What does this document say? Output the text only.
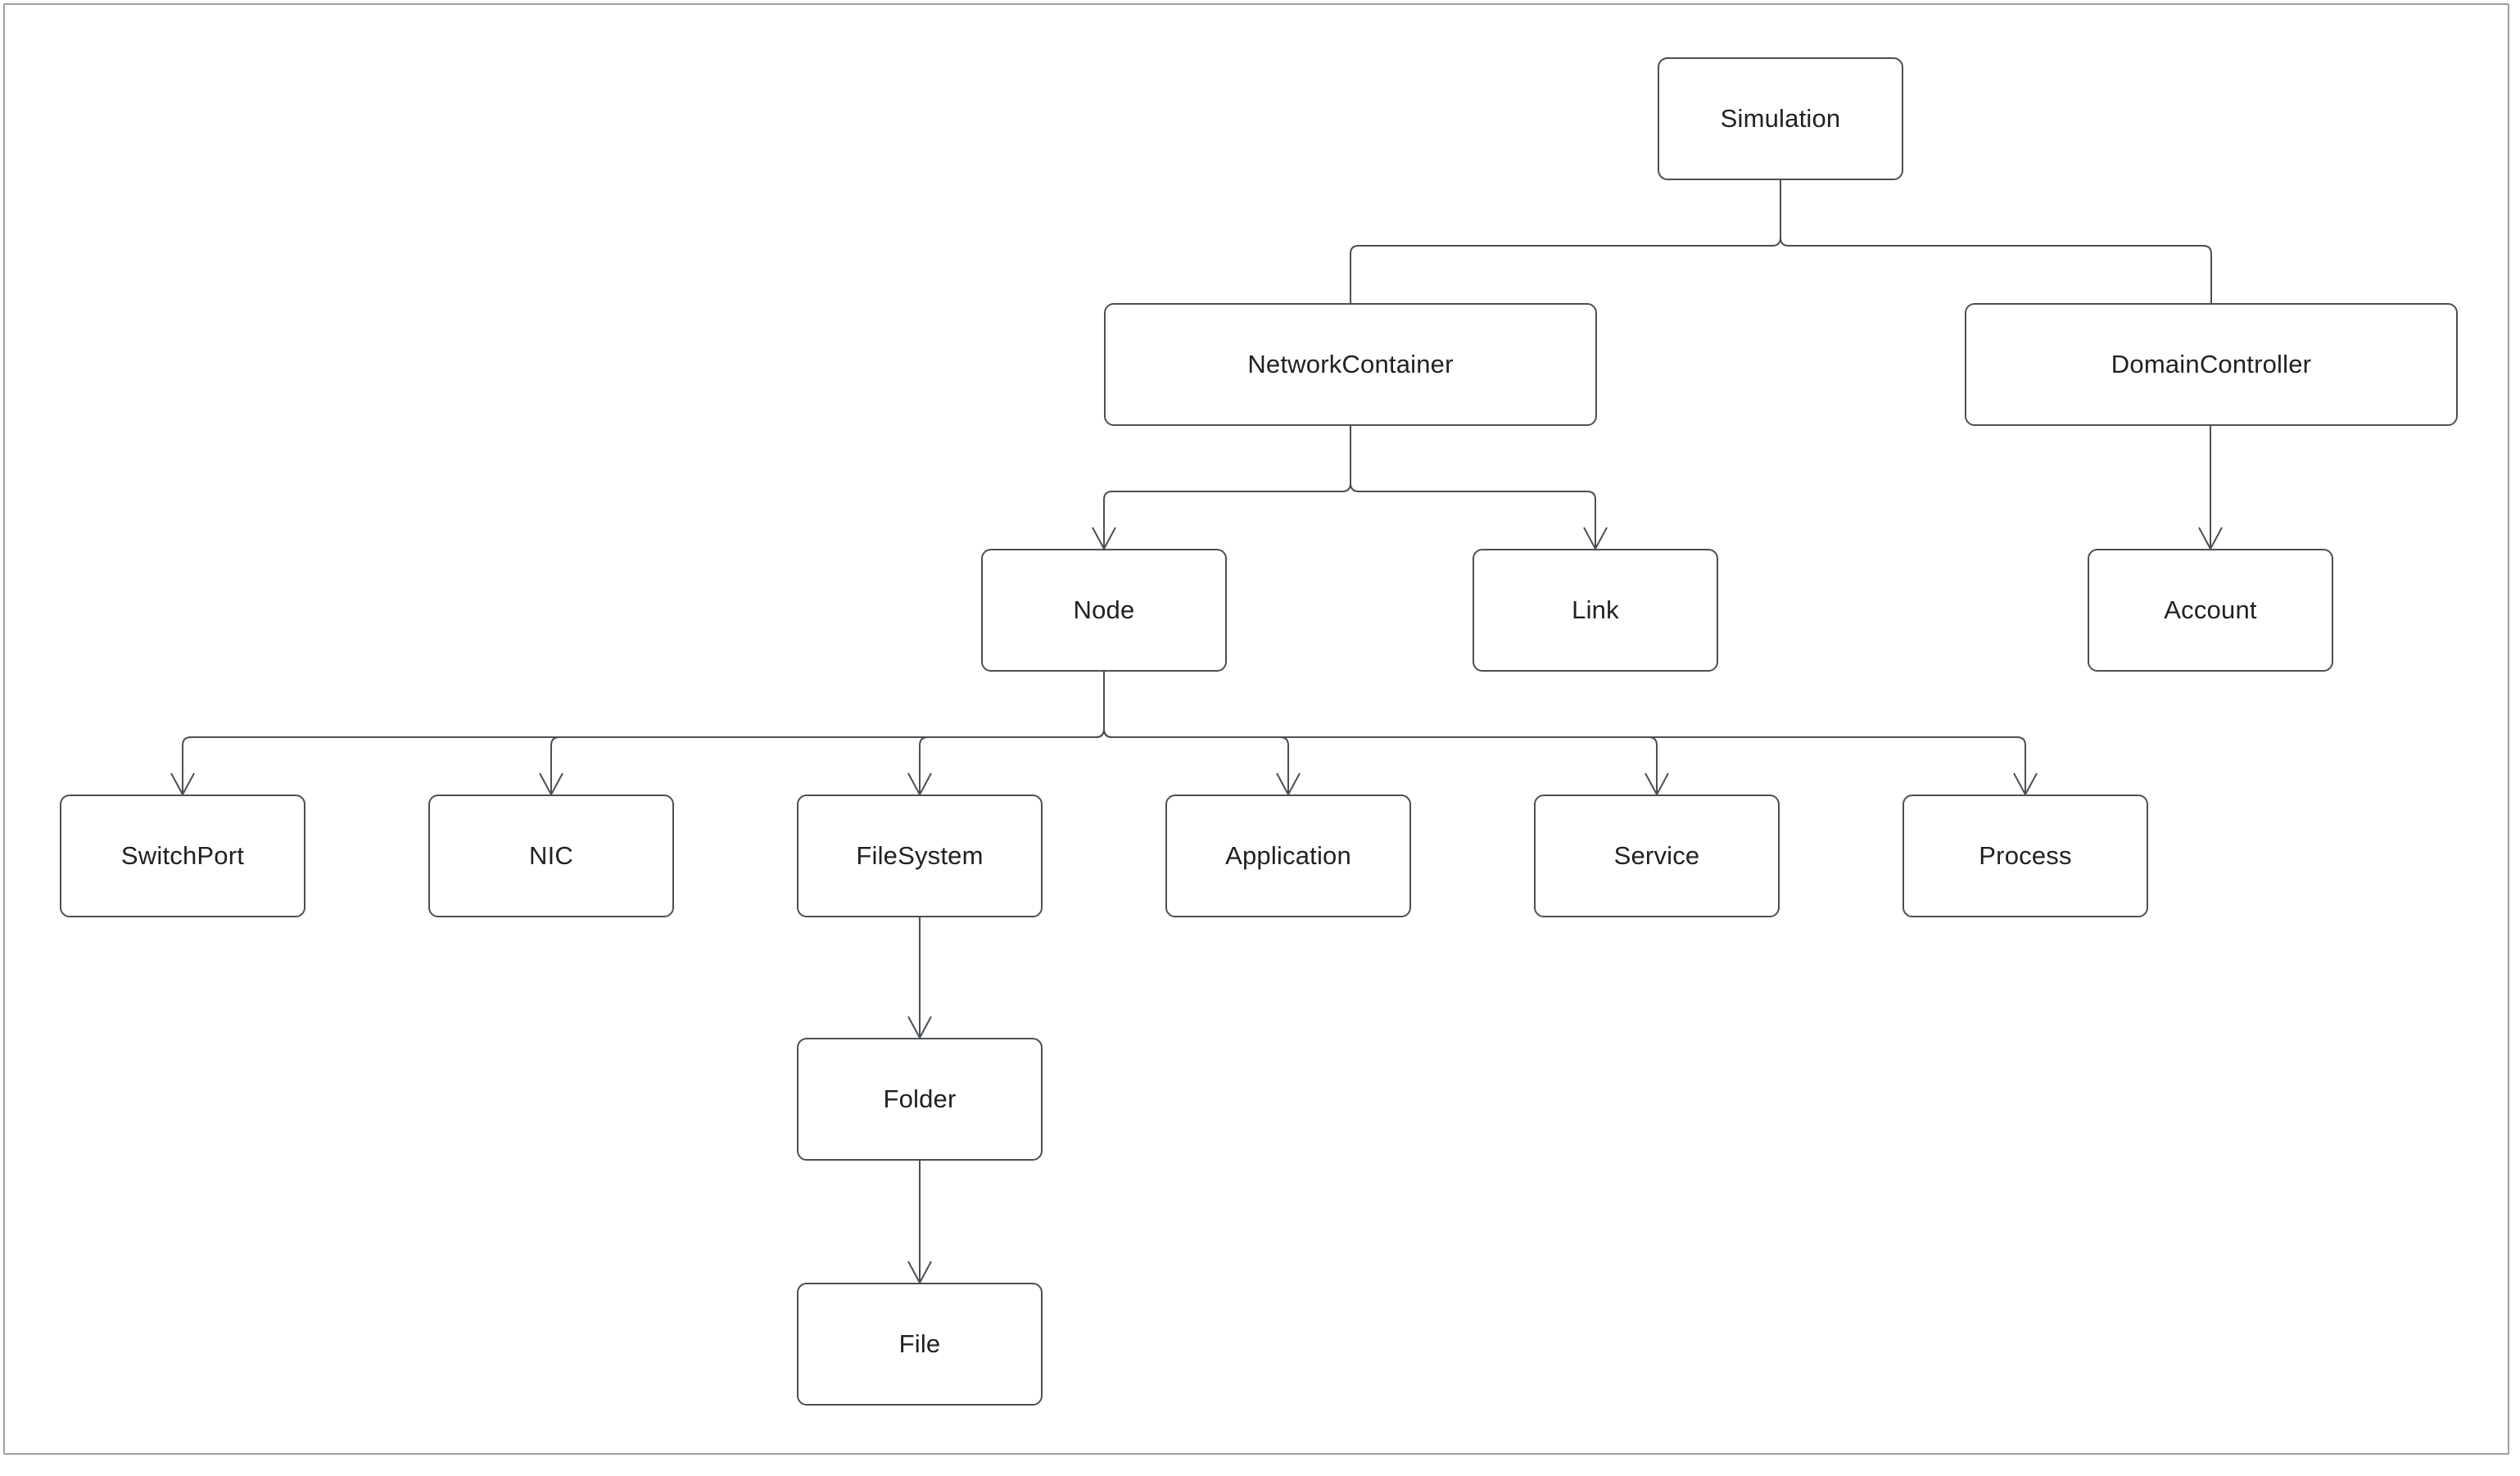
Simulation
NetworkContainer	DomainController
Node	Link	Account
SwitchPort	NIC	FileSystem	Application	Service	Process
Folder
File
